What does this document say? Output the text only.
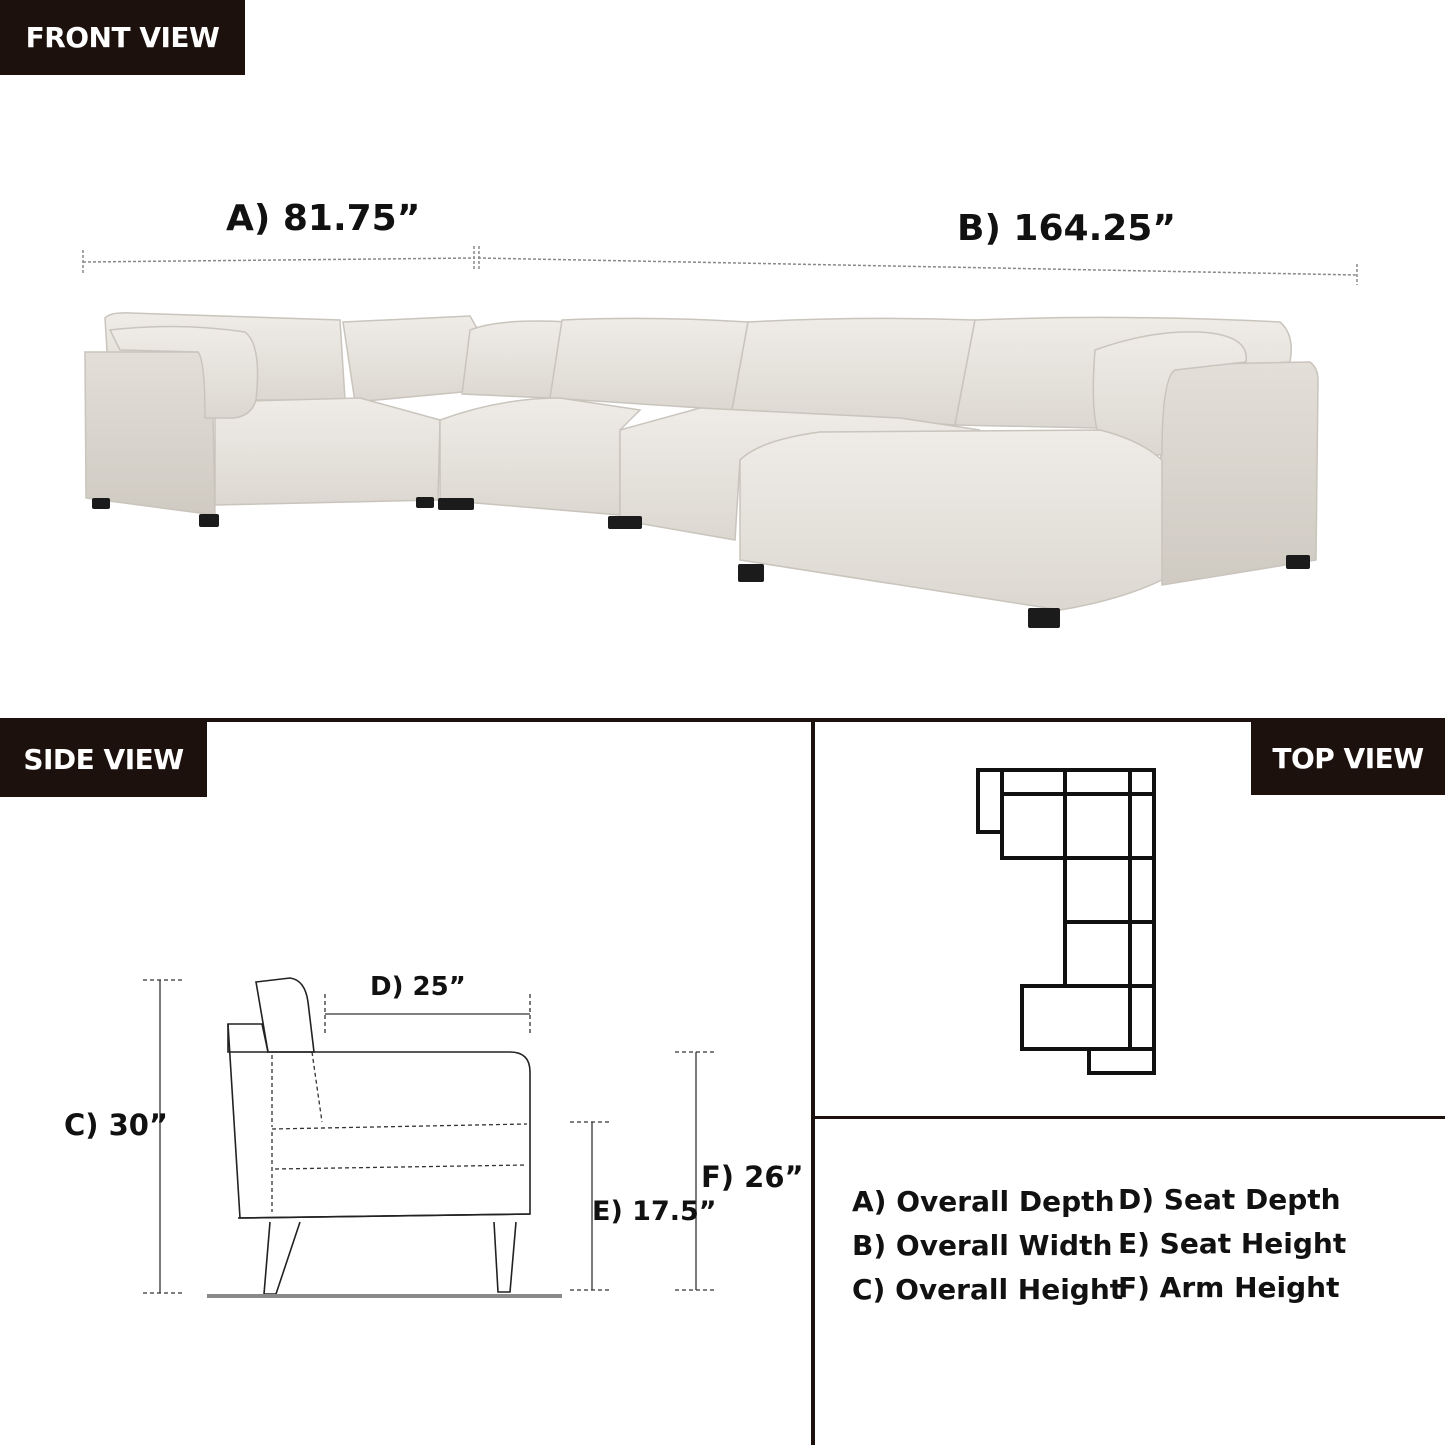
FRONT VIEW
SIDE VIEW	TOP VIEW
A) 81.75”	B) 164.25”
C) 30”
D) 25”
E) 17.5”
F) 26”
A) Overall Depth
B) Overall Width
C) Overall Height
D) Seat Depth
E) Seat Height
F) Arm Height
